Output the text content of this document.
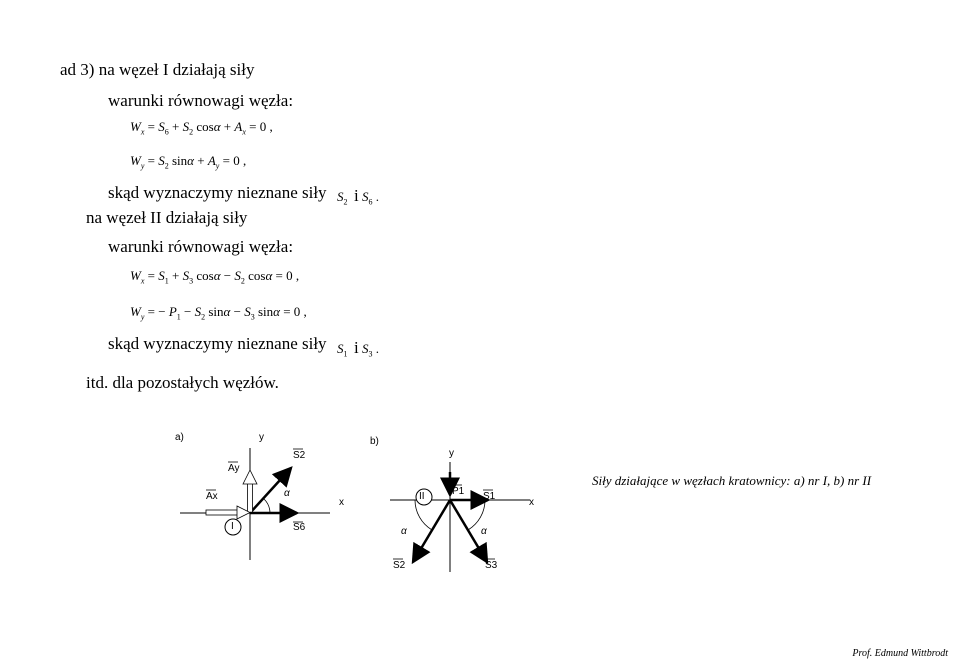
ad 3) na węzeł I działają siły
warunki równowagi węzła:
$W_x = S_6 + S_2$ $\cos\alpha + A_x = 0$ ,
$W_y = S_2$ $\sin\alpha + A_y = 0$ ,
skąd wyznaczymy nieznane siły $S_2$ i $S_6$ .
na węzeł II działają siły
warunki równowagi węzła:
$W_x = S_1 + S_3$ $\cos\alpha - S_2$ cosα = 0 ,
$W_y$ = − $P_1 - S_2$ $\sin\alpha - S_3$ sinα = 0 ,
skąd wyznaczymy nieznane siły $S_1$ i $S_3$ .
itd. dla pozostałych węzłów.
a)	y
x
S2
Ay
Ax
S6
α
I
b)
y
x
II	P1 S1
α	α
S2	S3
Siły działające w węzłach kratownicy: a) nr I, b) nr II
Prof. Edmund Wittbrodt
